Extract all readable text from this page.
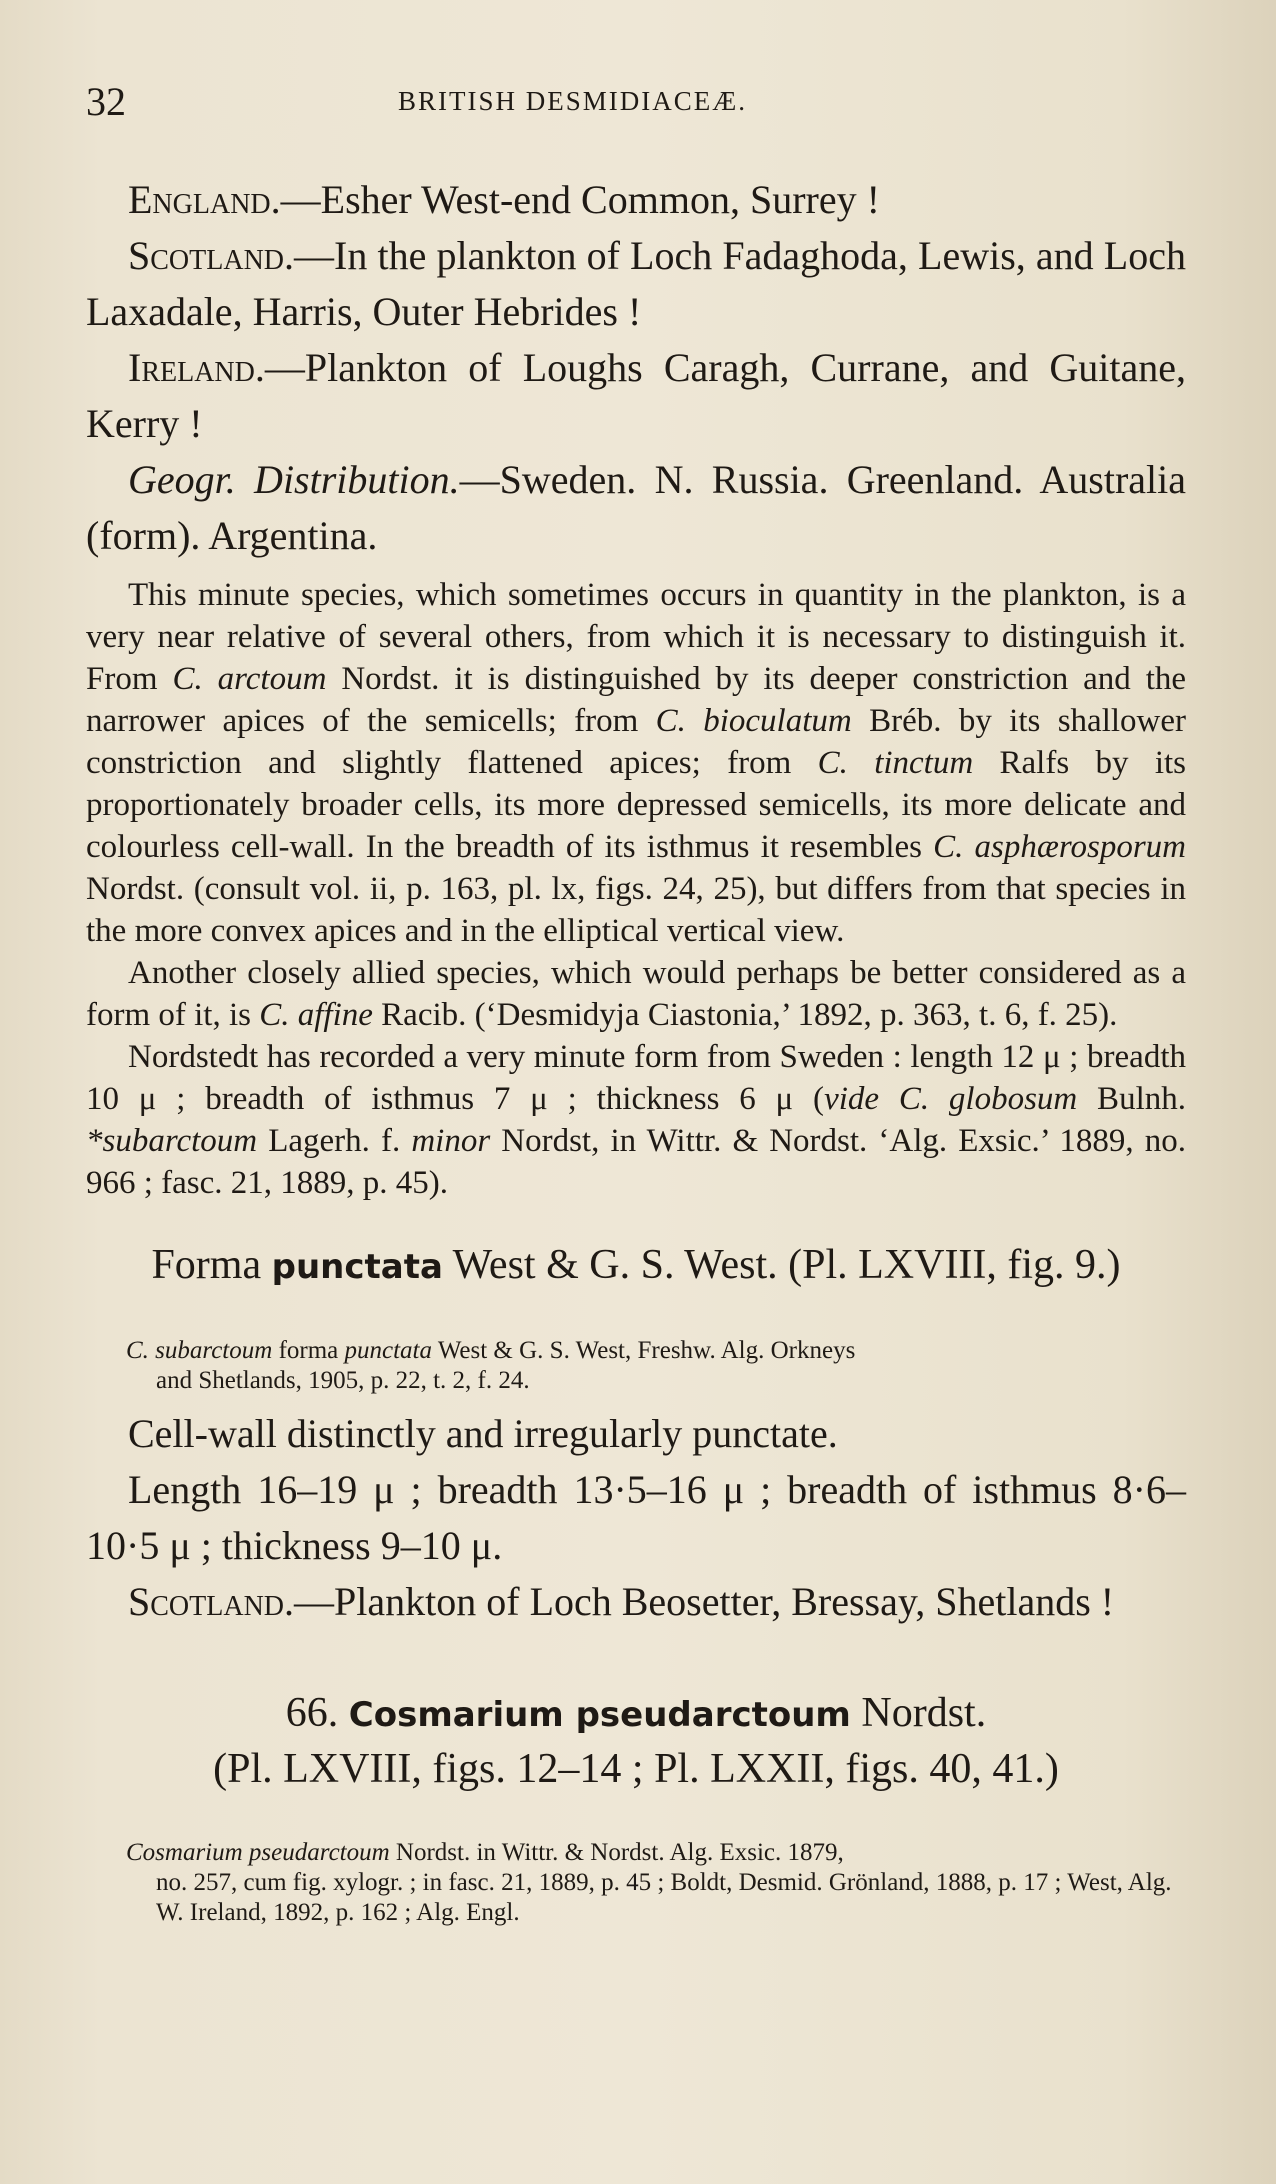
32	BRITISH DESMIDIACEÆ.

England.—Esher West-end Common, Surrey !

Scotland.—In the plankton of Loch Fadaghoda, Lewis, and Loch Laxadale, Harris, Outer Hebrides !

Ireland.—Plankton of Loughs Caragh, Currane, and Guitane, Kerry !

Geogr. Distribution.—Sweden. N. Russia. Greenland. Australia (form). Argentina.

This minute species, which sometimes occurs in quantity in the plankton, is a very near relative of several others, from which it is necessary to distinguish it. From C. arctoum Nordst. it is distinguished by its deeper constriction and the narrower apices of the semicells; from C. bioculatum Bréb. by its shallower constriction and slightly flattened apices; from C. tinctum Ralfs by its proportionately broader cells, its more depressed semicells, its more delicate and colourless cell-wall. In the breadth of its isthmus it resembles C. asphærosporum Nordst. (consult vol. ii, p. 163, pl. lx, figs. 24, 25), but differs from that species in the more convex apices and in the elliptical vertical view.

Another closely allied species, which would perhaps be better considered as a form of it, is C. affine Racib. (‘Desmidyja Ciastonia,’ 1892, p. 363, t. 6, f. 25).

Nordstedt has recorded a very minute form from Sweden : length 12 μ ; breadth 10 μ ; breadth of isthmus 7 μ ; thickness 6 μ (vide C. globosum Bulnh. *subarctoum Lagerh. f. minor Nordst, in Wittr. & Nordst. ‘Alg. Exsic.’ 1889, no. 966 ; fasc. 21, 1889, p. 45).

Forma punctata West & G. S. West. (Pl. LXVIII, fig. 9.)

C. subarctoum forma punctata West & G. S. West, Freshw. Alg. Orkneys
and Shetlands, 1905, p. 22, t. 2, f. 24.

Cell-wall distinctly and irregularly punctate.

Length 16–19 μ ; breadth 13·5–16 μ ; breadth of isthmus 8·6–10·5 μ ; thickness 9–10 μ.

Scotland.—Plankton of Loch Beosetter, Bressay, Shetlands !

66. Cosmarium pseudarctoum Nordst.
(Pl. LXVIII, figs. 12–14 ; Pl. LXXII, figs. 40, 41.)

Cosmarium pseudarctoum Nordst. in Wittr. & Nordst. Alg. Exsic. 1879,
no. 257, cum fig. xylogr. ; in fasc. 21, 1889, p. 45 ; Boldt, Desmid. Grönland, 1888, p. 17 ; West, Alg. W. Ireland, 1892, p. 162 ; Alg. Engl.
